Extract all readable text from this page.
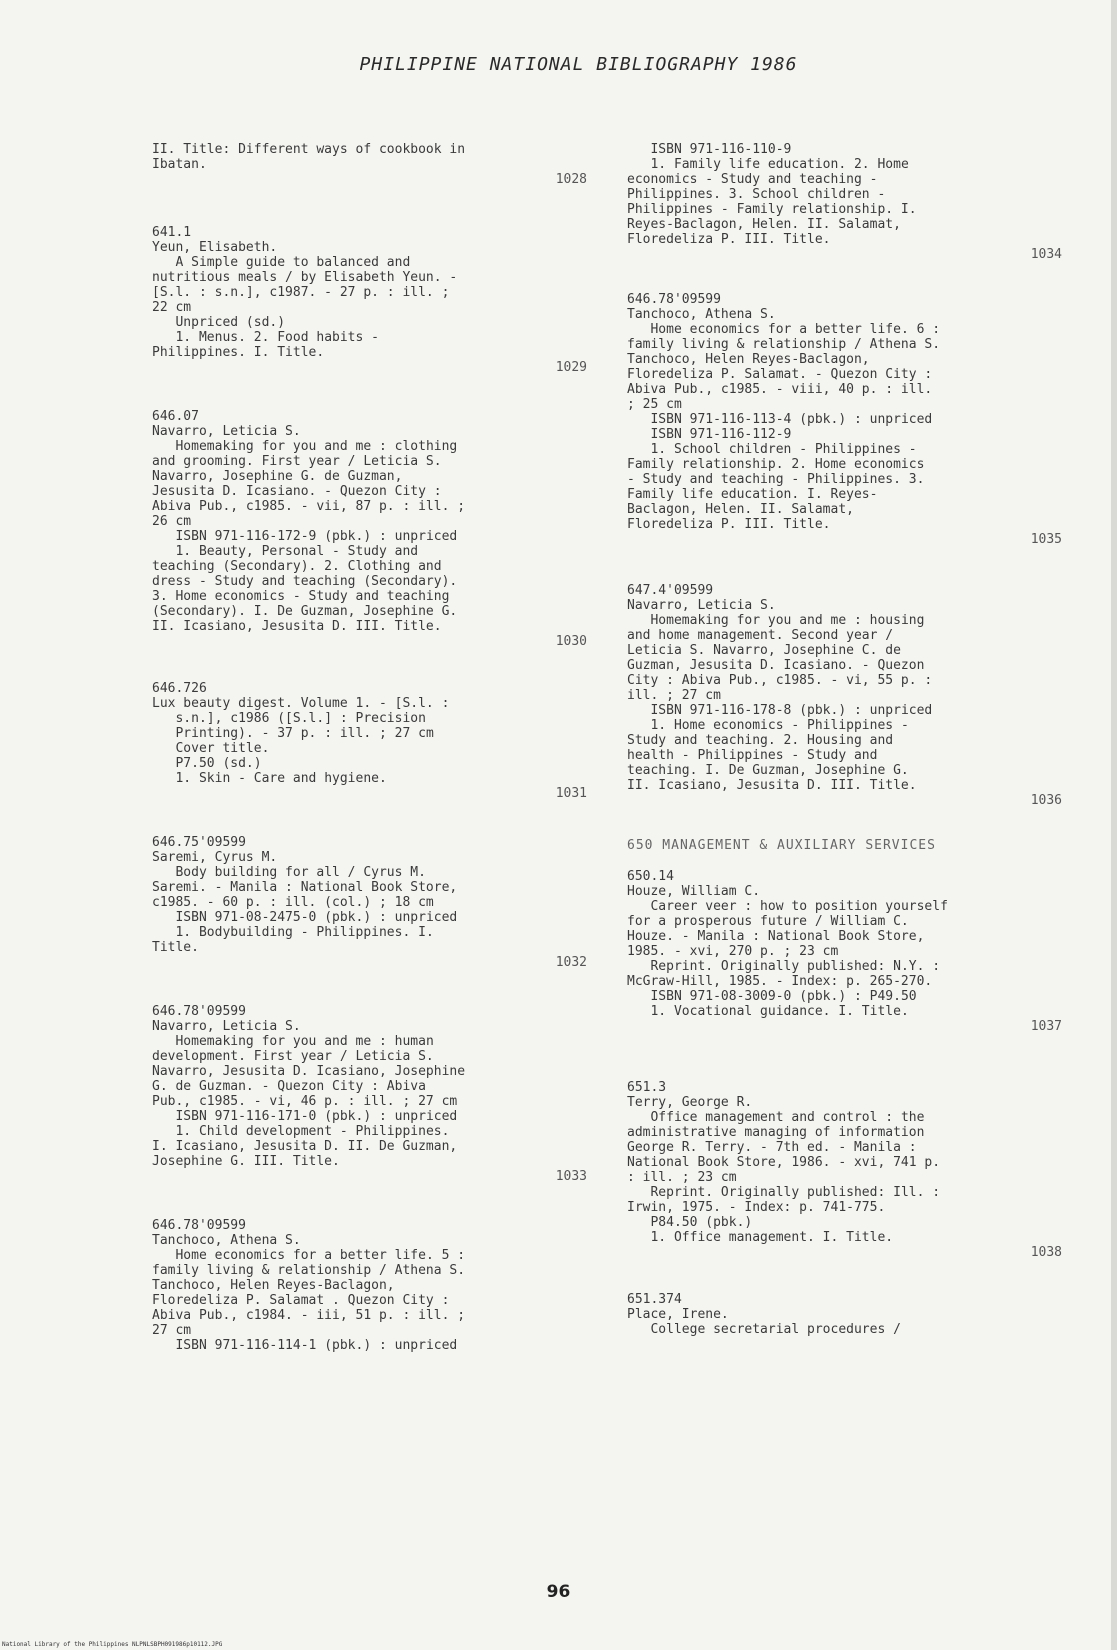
PHILIPPINE NATIONAL BIBLIOGRAPHY 1986

II. Title: Different ways of cookbook in

Ibatan.

1028

641.1

Yeun, Elisabeth.

A Simple guide to balanced and

nutritious meals / by Elisabeth Yeun. -

[S.l. : s.n.], c1987. - 27 p. : ill. ;

22 cm

Unpriced (sd.)

1. Menus. 2. Food habits -

Philippines. I. Title.

1029

646.07

Navarro, Leticia S.

Homemaking for you and me : clothing

and grooming. First year / Leticia S.

Navarro, Josephine G. de Guzman,

Jesusita D. Icasiano. - Quezon City :

Abiva Pub., c1985. - vii, 87 p. : ill. ;

26 cm

ISBN 971-116-172-9 (pbk.) : unpriced

1. Beauty, Personal - Study and

teaching (Secondary). 2. Clothing and

dress - Study and teaching (Secondary).

3. Home economics - Study and teaching

(Secondary). I. De Guzman, Josephine G.

II. Icasiano, Jesusita D. III. Title.

1030

646.726

Lux beauty digest. Volume 1. - [S.l. :

s.n.], c1986 ([S.l.] : Precision

Printing). - 37 p. : ill. ; 27 cm

Cover title.

P7.50 (sd.)

1. Skin - Care and hygiene.

1031

646.75'09599

Saremi, Cyrus M.

Body building for all / Cyrus M.

Saremi. - Manila : National Book Store,

c1985. - 60 p. : ill. (col.) ; 18 cm

ISBN 971-08-2475-0 (pbk.) : unpriced

1. Bodybuilding - Philippines. I.

Title.

1032

646.78'09599

Navarro, Leticia S.

Homemaking for you and me : human

development. First year / Leticia S.

Navarro, Jesusita D. Icasiano, Josephine

G. de Guzman. - Quezon City : Abiva

Pub., c1985. - vi, 46 p. : ill. ; 27 cm

ISBN 971-116-171-0 (pbk.) : unpriced

1. Child development - Philippines.

I. Icasiano, Jesusita D. II. De Guzman,

Josephine G. III. Title.

1033

646.78'09599

Tanchoco, Athena S.

Home economics for a better life. 5 :

family living & relationship / Athena S.

Tanchoco, Helen Reyes-Baclagon,

Floredeliza P. Salamat . Quezon City :

Abiva Pub., c1984. - iii, 51 p. : ill. ;

27 cm

ISBN 971-116-114-1 (pbk.) : unpriced

ISBN 971-116-110-9

1. Family life education. 2. Home

economics - Study and teaching -

Philippines. 3. School children -

Philippines - Family relationship. I.

Reyes-Baclagon, Helen. II. Salamat,

Floredeliza P. III. Title.

1034

646.78'09599

Tanchoco, Athena S.

Home economics for a better life. 6 :

family living & relationship / Athena S.

Tanchoco, Helen Reyes-Baclagon,

Floredeliza P. Salamat. - Quezon City :

Abiva Pub., c1985. - viii, 40 p. : ill.

; 25 cm

ISBN 971-116-113-4 (pbk.) : unpriced

ISBN 971-116-112-9

1. School children - Philippines -

Family relationship. 2. Home economics

- Study and teaching - Philippines. 3.

Family life education. I. Reyes-

Baclagon, Helen. II. Salamat,

Floredeliza P. III. Title.

1035

647.4'09599

Navarro, Leticia S.

Homemaking for you and me : housing

and home management. Second year /

Leticia S. Navarro, Josephine C. de

Guzman, Jesusita D. Icasiano. - Quezon

City : Abiva Pub., c1985. - vi, 55 p. :

ill. ; 27 cm

ISBN 971-116-178-8 (pbk.) : unpriced

1. Home economics - Philippines -

Study and teaching. 2. Housing and

health - Philippines - Study and

teaching. I. De Guzman, Josephine G.

II. Icasiano, Jesusita D. III. Title.

1036

650 MANAGEMENT & AUXILIARY SERVICES

650.14

Houze, William C.

Career veer : how to position yourself

for a prosperous future / William C.

Houze. - Manila : National Book Store,

1985. - xvi, 270 p. ; 23 cm

Reprint. Originally published: N.Y. :

McGraw-Hill, 1985. - Index: p. 265-270.

ISBN 971-08-3009-0 (pbk.) : P49.50

1. Vocational guidance. I. Title.

1037

651.3

Terry, George R.

Office management and control : the

administrative managing of information

George R. Terry. - 7th ed. - Manila :

National Book Store, 1986. - xvi, 741 p.

: ill. ; 23 cm

Reprint. Originally published: Ill. :

Irwin, 1975. - Index: p. 741-775.

P84.50 (pbk.)

1. Office management. I. Title.

1038

651.374

Place, Irene.

College secretarial procedures /

96
National Library of the Philippines NLPNLSBPH091986p10112.JPG
